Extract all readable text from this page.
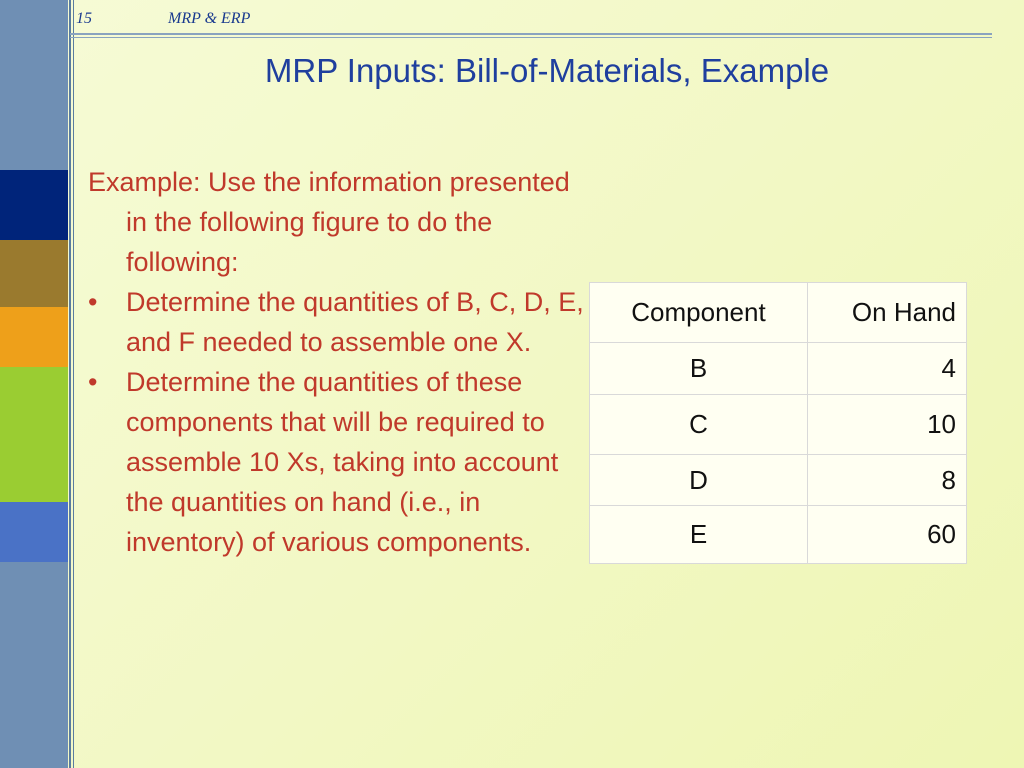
15	MRP & ERP
MRP Inputs: Bill-of-Materials, Example

Example: Use the information presented in the following figure to do the following:

• Determine the quantities of B, C, D, E, and F needed to assemble one X.
• Determine the quantities of these components that will be required to assemble 10 Xs, taking into account the quantities on hand (i.e., in inventory) of various components.
Component	On Hand
B	4
C	10
D	8
E	60
